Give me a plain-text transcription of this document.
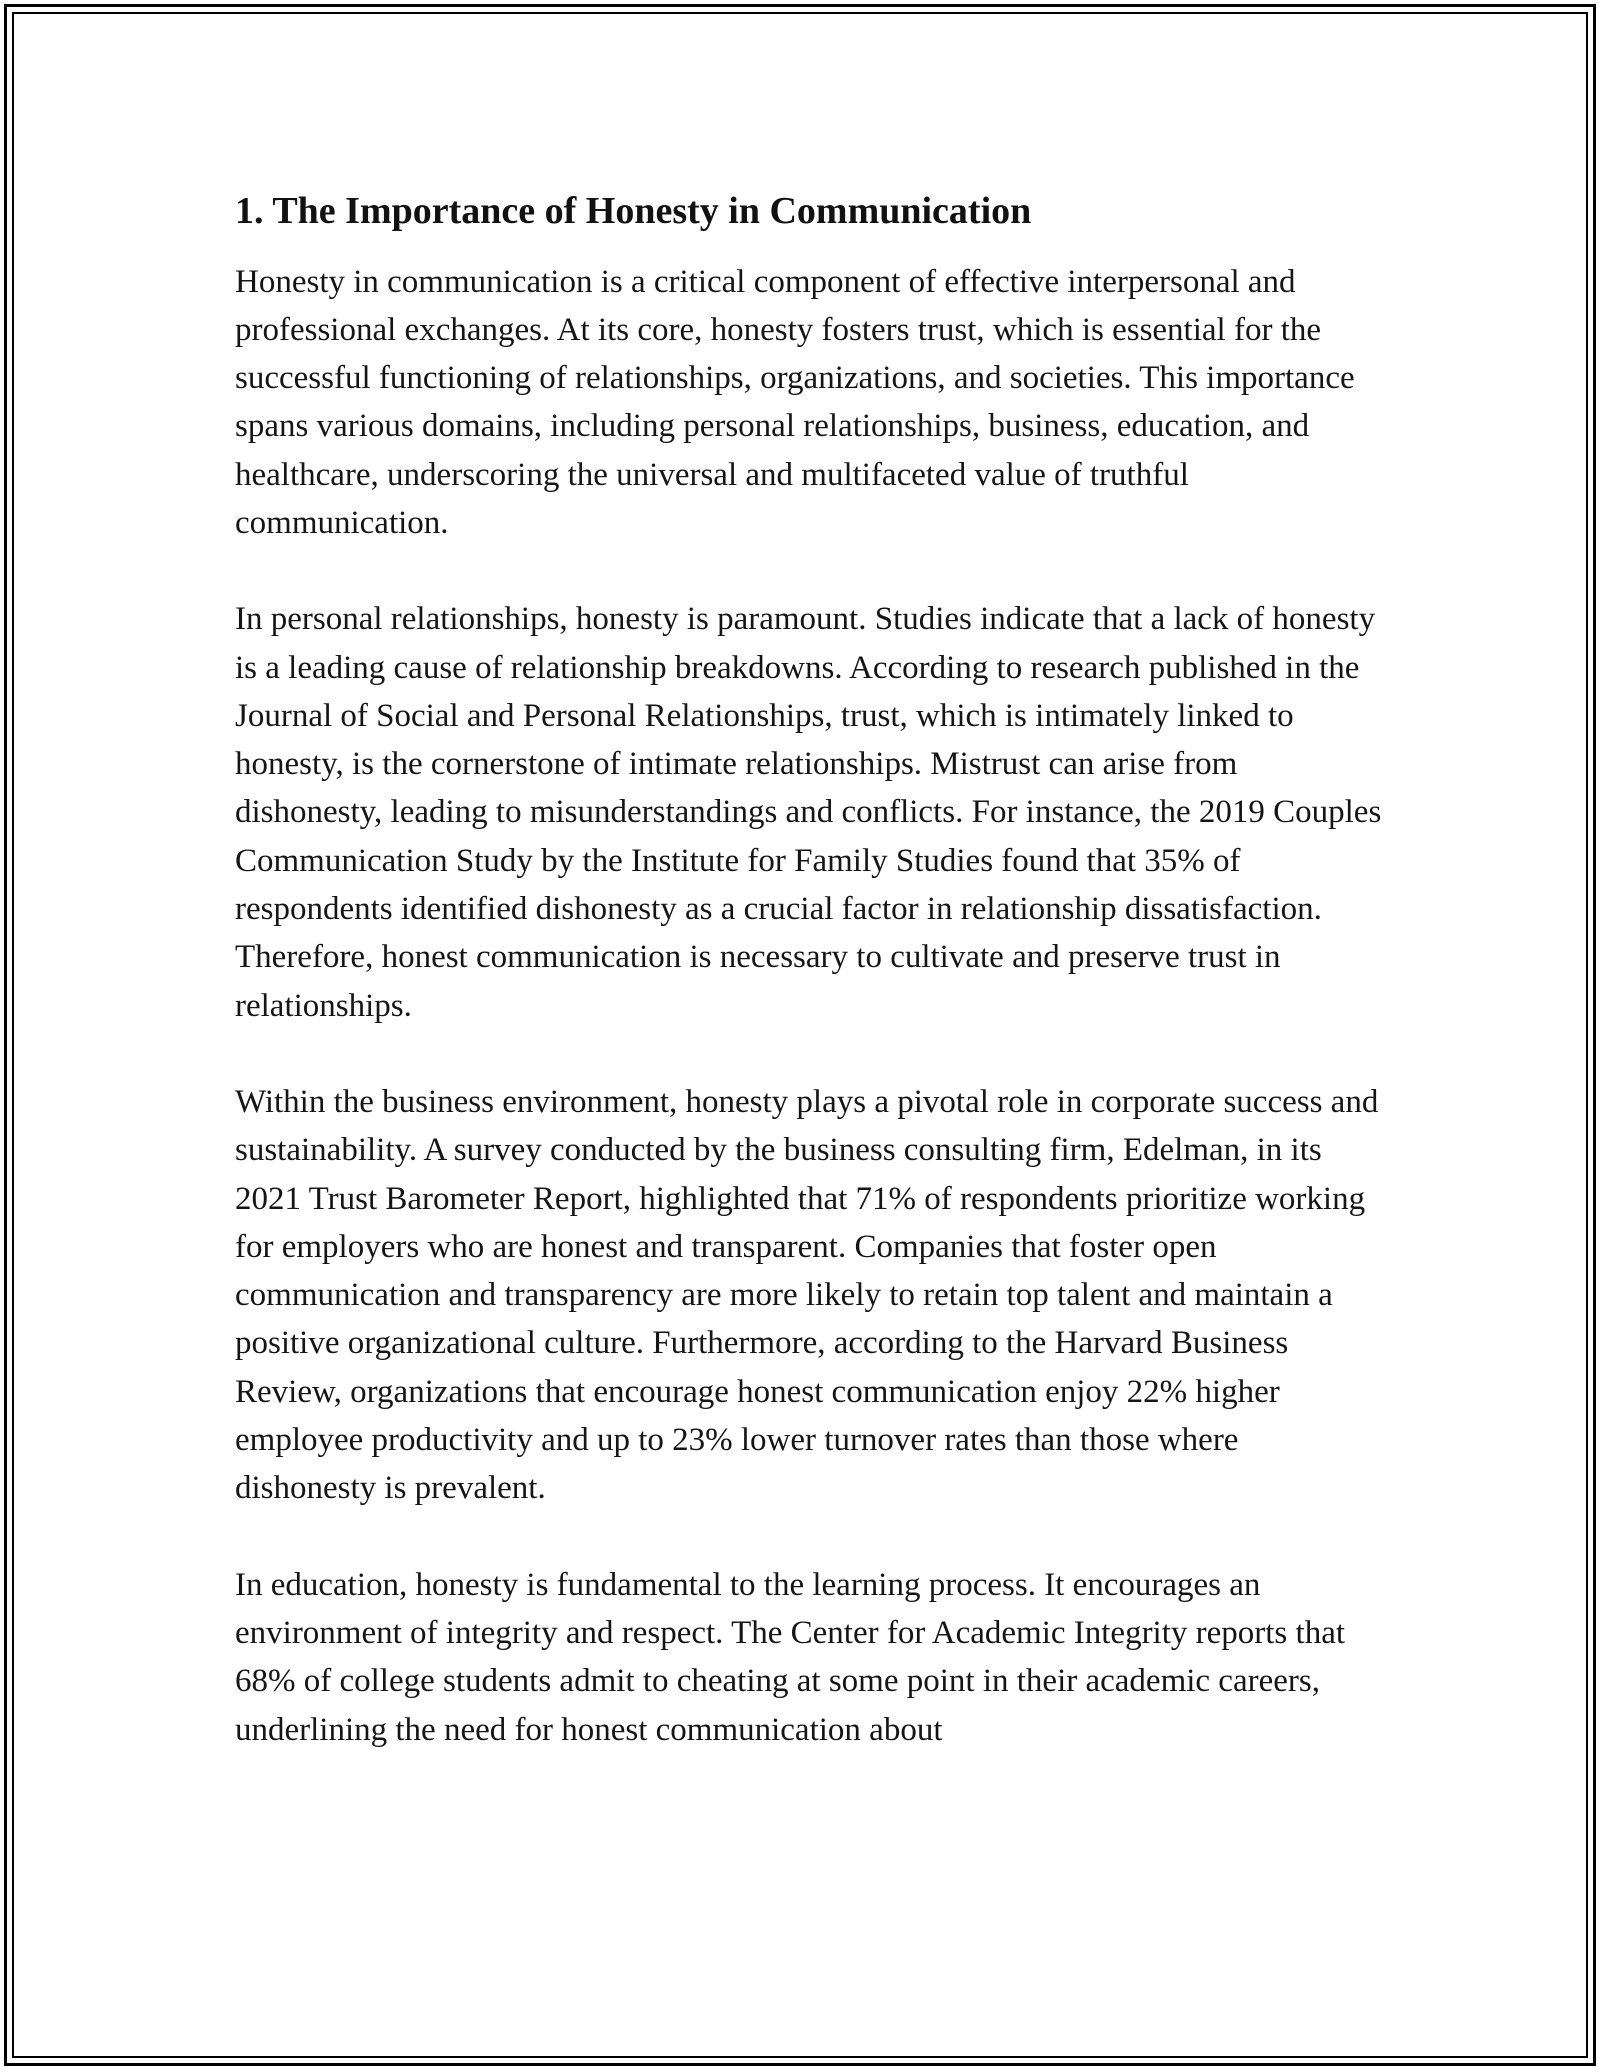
1. The Importance of Honesty in Communication

Honesty in communication is a critical component of effective interpersonal and professional exchanges. At its core, honesty fosters trust, which is essential for the successful functioning of relationships, organizations, and societies. This importance spans various domains, including personal relationships, business, education, and healthcare, underscoring the universal and multifaceted value of truthful communication.

In personal relationships, honesty is paramount. Studies indicate that a lack of honesty is a leading cause of relationship breakdowns. According to research published in the Journal of Social and Personal Relationships, trust, which is intimately linked to honesty, is the cornerstone of intimate relationships. Mistrust can arise from dishonesty, leading to misunderstandings and conflicts. For instance, the 2019 Couples Communication Study by the Institute for Family Studies found that 35% of respondents identified dishonesty as a crucial factor in relationship dissatisfaction. Therefore, honest communication is necessary to cultivate and preserve trust in relationships.

Within the business environment, honesty plays a pivotal role in corporate success and sustainability. A survey conducted by the business consulting firm, Edelman, in its 2021 Trust Barometer Report, highlighted that 71% of respondents prioritize working for employers who are honest and transparent. Companies that foster open communication and transparency are more likely to retain top talent and maintain a positive organizational culture. Furthermore, according to the Harvard Business Review, organizations that encourage honest communication enjoy 22% higher employee productivity and up to 23% lower turnover rates than those where dishonesty is prevalent.

In education, honesty is fundamental to the learning process. It encourages an environment of integrity and respect. The Center for Academic Integrity reports that 68% of college students admit to cheating at some point in their academic careers, underlining the need for honest communication about
